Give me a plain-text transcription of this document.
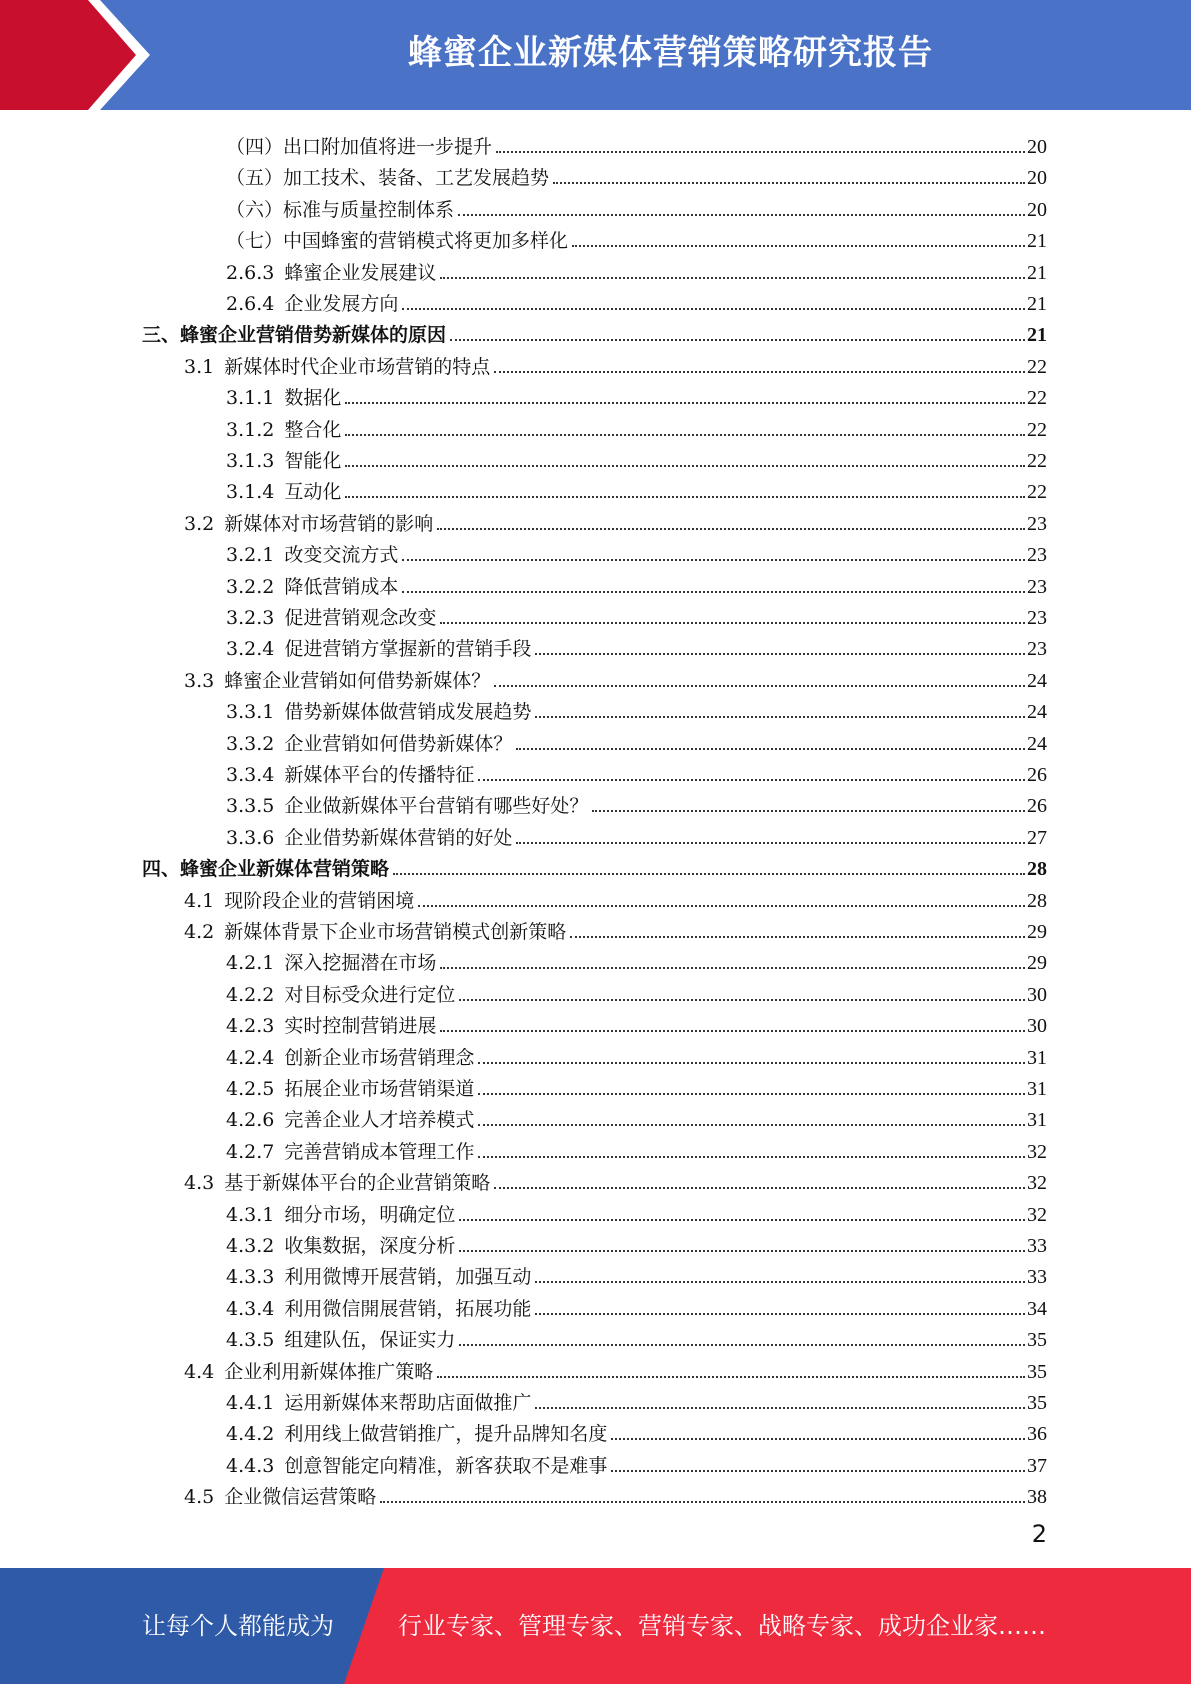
蜂蜜企业新媒体营销策略研究报告
（四）出口附加值将进一步提升	20
（五）加工技术、装备、工艺发展趋势	20
（六）标准与质量控制体系	20
（七）中国蜂蜜的营销模式将更加多样化	21
2.6.3 蜂蜜企业发展建议	21
2.6.4 企业发展方向	21
三、蜂蜜企业营销借势新媒体的原因	21
3.1 新媒体时代企业市场营销的特点	22
3.1.1 数据化	22
3.1.2 整合化	22
3.1.3 智能化	22
3.1.4 互动化	22
3.2 新媒体对市场营销的影响	23
3.2.1 改变交流方式	23
3.2.2 降低营销成本	23
3.2.3 促进营销观念改变	23
3.2.4 促进营销方掌握新的营销手段	23
3.3 蜂蜜企业营销如何借势新媒体？	24
3.3.1 借势新媒体做营销成发展趋势	24
3.3.2 企业营销如何借势新媒体？	24
3.3.4 新媒体平台的传播特征	26
3.3.5 企业做新媒体平台营销有哪些好处？	26
3.3.6 企业借势新媒体营销的好处	27
四、蜂蜜企业新媒体营销策略	28
4.1 现阶段企业的营销困境	28
4.2 新媒体背景下企业市场营销模式创新策略	29
4.2.1 深入挖掘潜在市场	29
4.2.2 对目标受众进行定位	30
4.2.3 实时控制营销进展	30
4.2.4 创新企业市场营销理念	31
4.2.5 拓展企业市场营销渠道	31
4.2.6 完善企业人才培养模式	31
4.2.7 完善营销成本管理工作	32
4.3 基于新媒体平台的企业营销策略	32
4.3.1 细分市场，明确定位	32
4.3.2 收集数据，深度分析	33
4.3.3 利用微博开展营销，加强互动	33
4.3.4 利用微信開展营销，拓展功能	34
4.3.5 组建队伍，保证实力	35
4.4 企业利用新媒体推广策略	35
4.4.1 运用新媒体来帮助店面做推广	35
4.4.2 利用线上做营销推广，提升品牌知名度	36
4.4.3 创意智能定向精准，新客获取不是难事	37
4.5 企业微信运营策略	38
2
让每个人都能成为	行业专家、管理专家、营销专家、战略专家、成功企业家……
